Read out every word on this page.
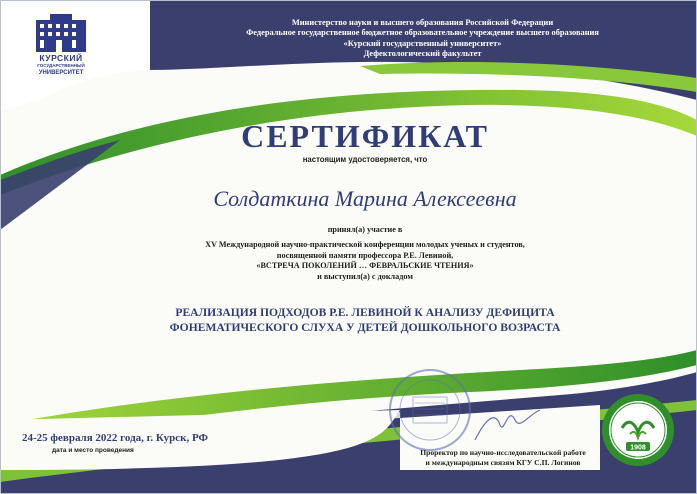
КУРСКИЙ
ГОСУДАРСТВЕННЫЙ
УНИВЕРСИТЕТ
Министерство науки и высшего образования Российской Федерации
Федеральное государственное бюджетное образовательное учреждение высшего образования
«Курский государственный университет»
Дефектологический факультет
СЕРТИФИКАТ
настоящим удостоверяется, что
Солдаткина Марина Алексеевна
принял(а) участие в
XV Международной научно-практической конференции молодых ученых и студентов,
посвященной памяти профессора Р.Е. Левиной,
«ВСТРЕЧА ПОКОЛЕНИЙ … ФЕВРАЛЬСКИЕ ЧТЕНИЯ»
и выступил(а) с докладом
РЕАЛИЗАЦИЯ ПОДХОДОВ Р.Е. ЛЕВИНОЙ К АНАЛИЗУ ДЕФИЦИТА
ФОНЕМАТИЧЕСКОГО СЛУХА У ДЕТЕЙ ДОШКОЛЬНОГО ВОЗРАСТА
24-25 февраля 2022 года, г. Курск, РФ
дата и место проведения	Проректор по научно-исследовательской работе
и международным связям КГУ С.П. Логинов
1908
